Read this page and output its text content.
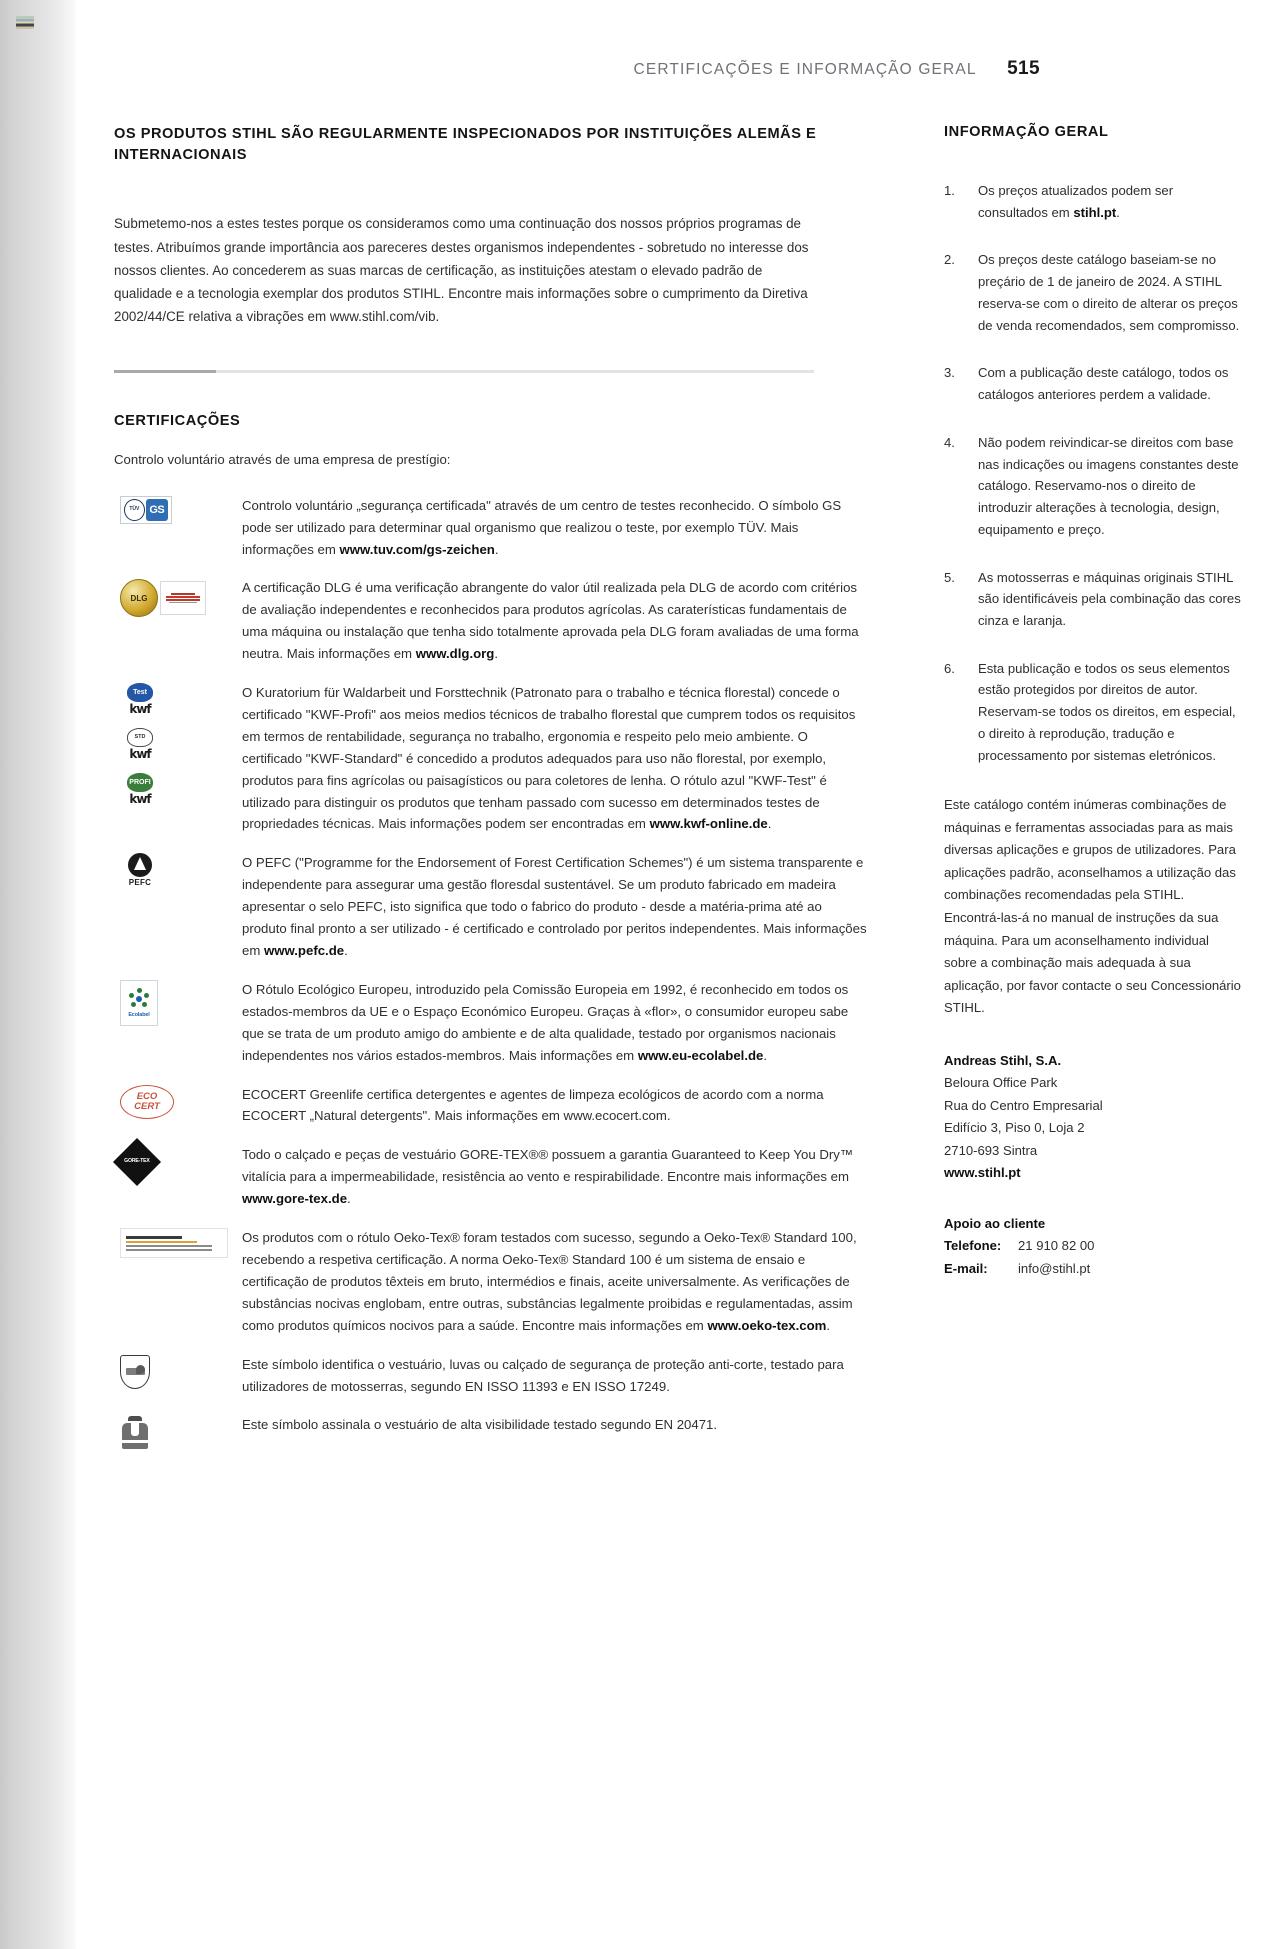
CERTIFICAÇÕES E INFORMAÇÃO GERAL 515
OS PRODUTOS STIHL SÃO REGULARMENTE INSPECIONADOS POR INSTITUIÇÕES ALEMÃS E INTERNACIONAIS

Submetemo-nos a estes testes porque os consideramos como uma continuação dos nossos próprios programas de testes. Atribuímos grande importância aos pareceres destes organismos independentes - sobretudo no interesse dos nossos clientes. Ao concederem as suas marcas de certificação, as instituições atestam o elevado padrão de qualidade e a tecnologia exemplar dos produtos STIHL. Encontre mais informações sobre o cumprimento da Diretiva 2002/44/CE relativa a vibrações em www.stihl.com/vib.

CERTIFICAÇÕES

Controlo voluntário através de uma empresa de prestígio:

TÜV GS	Controlo voluntário „segurança certificada" através de um centro de testes reconhecido. O símbolo GS pode ser utilizado para determinar qual organismo que realizou o teste, por exemplo TÜV. Mais informações em www.tuv.com/gs-zeichen.
DLG
A certificação DLG é uma verificação abrangente do valor útil realizada pela DLG de acordo com critérios de avaliação independentes e reconhecidos para produtos agrícolas. As caraterísticas fundamentais de uma máquina ou instalação que tenha sido totalmente aprovada pela DLG foram avaliadas de uma forma neutra. Mais informações em www.dlg.org.
Test
kwf
STD
kwf
PROFI
kwf
O Kuratorium für Waldarbeit und Forsttechnik (Patronato para o trabalho e técnica florestal) concede o certificado "KWF-Profi" aos meios medios técnicos de trabalho florestal que cumprem todos os requisitos em termos de rentabilidade, segurança no trabalho, ergonomia e respeito pelo meio ambiente. O certificado "KWF-Standard" é concedido a produtos adequados para uso não florestal, por exemplo, produtos para fins agrícolas ou paisagísticos ou para coletores de lenha. O rótulo azul "KWF-Test" é utilizado para distinguir os produtos que tenham passado com sucesso em determinados testes de propriedades técnicas. Mais informações podem ser encontradas em www.kwf-online.de.
PEFC
O PEFC ("Programme for the Endorsement of Forest Certification Schemes") é um sistema transparente e independente para assegurar uma gestão floresdal sustentável. Se um produto fabricado em madeira apresentar o selo PEFC, isto significa que todo o fabrico do produto - desde a matéria-prima até ao produto final pronto a ser utilizado - é certificado e controlado por peritos independentes. Mais informações em www.pefc.de.
Ecolabel
O Rótulo Ecológico Europeu, introduzido pela Comissão Europeia em 1992, é reconhecido em todos os estados-membros da UE e o Espaço Económico Europeu. Graças à «flor», o consumidor europeu sabe que se trata de um produto amigo do ambiente e de alta qualidade, testado por organismos nacionais independentes nos vários estados-membros. Mais informações em www.eu-ecolabel.de.
ECO
CERT
ECOCERT Greenlife certifica detergentes e agentes de limpeza ecológicos de acordo com a norma ECOCERT „Natural detergents". Mais informações em www.ecocert.com.
GORE-TEX	Todo o calçado e peças de vestuário GORE-TEX®® possuem a garantia Guaranteed to Keep You Dry™ vitalícia para a impermeabilidade, resistência ao vento e respirabilidade. Encontre mais informações em www.gore-tex.de.
Os produtos com o rótulo Oeko-Tex® foram testados com sucesso, segundo a Oeko-Tex® Standard 100, recebendo a respetiva certificação. A norma Oeko-Tex® Standard 100 é um sistema de ensaio e certificação de produtos têxteis em bruto, intermédios e finais, aceite universalmente. As verificações de substâncias nocivas englobam, entre outras, substâncias legalmente proibidas e regulamentadas, assim como produtos químicos nocivos para a saúde. Encontre mais informações em www.oeko-tex.com.
Este símbolo identifica o vestuário, luvas ou calçado de segurança de proteção anti-corte, testado para utilizadores de motosserras, segundo EN ISSO 11393 e EN ISSO 17249.
Este símbolo assinala o vestuário de alta visibilidade testado segundo EN 20471.
INFORMAÇÃO GERAL
1. Os preços atualizados podem ser consultados em stihl.pt.
2. Os preços deste catálogo baseiam-se no preçário de 1 de janeiro de 2024. A STIHL reserva-se com o direito de alterar os preços de venda recomendados, sem compromisso.
3. Com a publicação deste catálogo, todos os catálogos anteriores perdem a validade.
4. Não podem reivindicar-se direitos com base nas indicações ou imagens constantes deste catálogo. Reservamo-nos o direito de introduzir alterações à tecnologia, design, equipamento e preço.
5. As motosserras e máquinas originais STIHL são identificáveis pela combinação das cores cinza e laranja.
6. Esta publicação e todos os seus elementos estão protegidos por direitos de autor. Reservam-se todos os direitos, em especial, o direito à reprodução, tradução e processamento por sistemas eletrónicos.

Este catálogo contém inúmeras combinações de máquinas e ferramentas associadas para as mais diversas aplicações e grupos de utilizadores. Para aplicações padrão, aconselhamos a utilização das combinações recomendadas pela STIHL. Encontrá-las-á no manual de instruções da sua máquina. Para um aconselhamento individual sobre a combinação mais adequada à sua aplicação, por favor contacte o seu Concessionário STIHL.

Andreas Stihl, S.A.
Beloura Office Park
Rua do Centro Empresarial
Edifício 3, Piso 0, Loja 2
2710-693 Sintra
www.stihl.pt
Apoio ao cliente
Telefone:	21 910 82 00
E-mail:	info@stihl.pt
